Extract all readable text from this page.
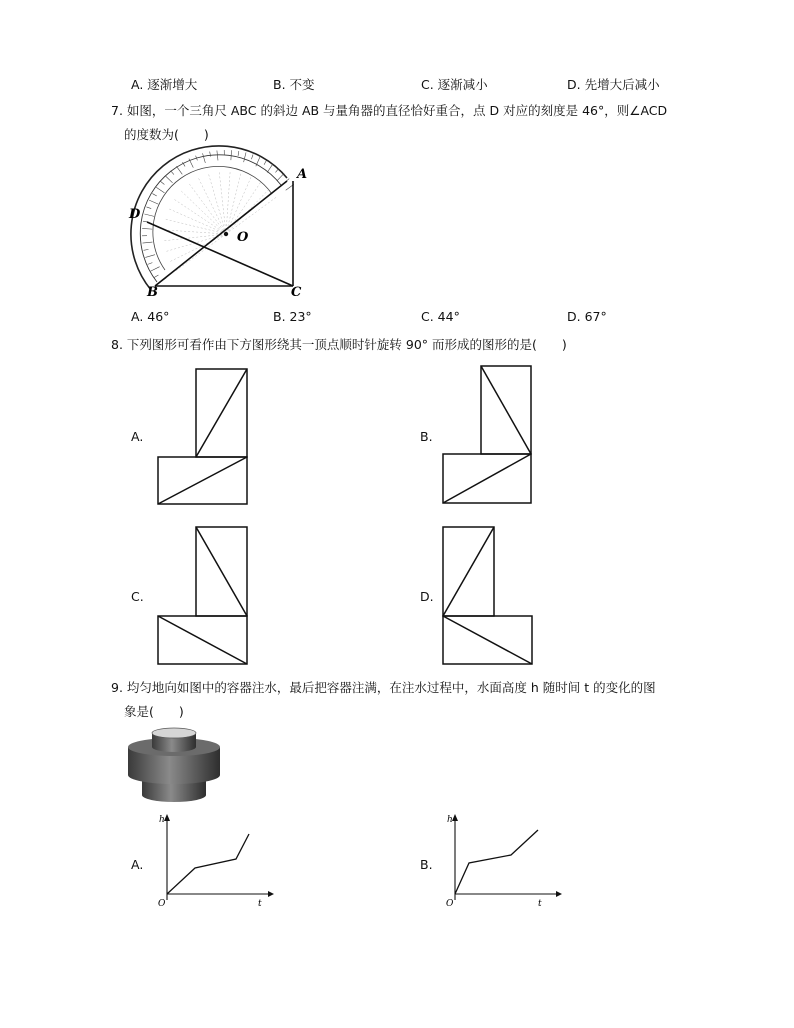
A. 逐渐增大	B. 不变	C. 逐渐减小	D. 先增大后减小
7. 如图，一个三角尺 ABC 的斜边 AB 与量角器的直径恰好重合，点 D 对应的刻度是 46°，则∠ACD
的度数为(　　)
A
B	C
D
O
A. 46°	B. 23°	C. 44°	D. 67°
8. 下列图形可看作由下方图形绕其一顶点顺时针旋转 90° 而形成的图形的是(　　)
A.	B.
C.	D.
9. 均匀地向如图中的容器注水，最后把容器注满，在注水过程中，水面高度 h 随时间 t 的变化的图
象是(　　)
A.
h
t
O
B.
h
t
O
